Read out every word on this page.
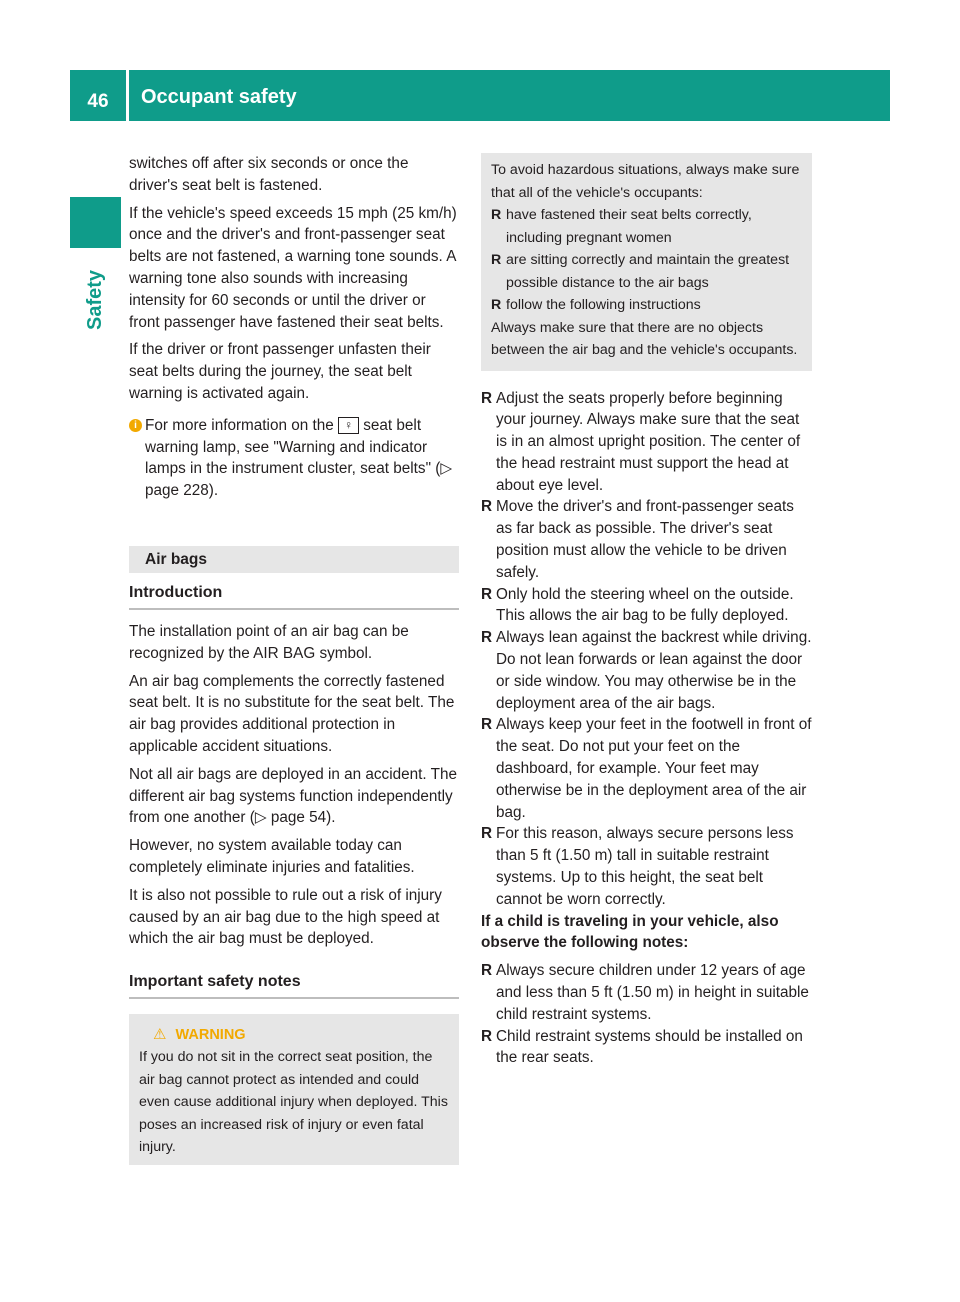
46	Occupant safety
Safety

switches off after six seconds or once the driver's seat belt is fastened.

If the vehicle's speed exceeds 15 mph (25 km/h) once and the driver's and front-passenger seat belts are not fastened, a warning tone sounds. A warning tone also sounds with increasing intensity for 60 seconds or until the driver or front passenger have fastened their seat belts.

If the driver or front passenger unfasten their seat belts during the journey, the seat belt warning is activated again.

i For more information on the ♀︎ seat belt warning lamp, see "Warning and indicator lamps in the instrument cluster, seat belts" (▷ page 228).

Air bags
Introduction

The installation point of an air bag can be recognized by the AIR BAG symbol.

An air bag complements the correctly fastened seat belt. It is no substitute for the seat belt. The air bag provides additional protection in applicable accident situations.

Not all air bags are deployed in an accident. The different air bag systems function independently from one another (▷ page 54).

However, no system available today can completely eliminate injuries and fatalities.

It is also not possible to rule out a risk of injury caused by an air bag due to the high speed at which the air bag must be deployed.

Important safety notes
⚠︎ WARNING

If you do not sit in the correct seat position, the air bag cannot protect as intended and could even cause additional injury when deployed. This poses an increased risk of injury or even fatal injury.

To avoid hazardous situations, always make sure that all of the vehicle's occupants:

R have fastened their seat belts correctly, including pregnant women
R are sitting correctly and maintain the greatest possible distance to the air bags
R follow the following instructions

Always make sure that there are no objects between the air bag and the vehicle's occupants.

R Adjust the seats properly before beginning your journey. Always make sure that the seat is in an almost upright position. The center of the head restraint must support the head at about eye level.
R Move the driver's and front-passenger seats as far back as possible. The driver's seat position must allow the vehicle to be driven safely.
R Only hold the steering wheel on the outside. This allows the air bag to be fully deployed.
R Always lean against the backrest while driving. Do not lean forwards or lean against the door or side window. You may otherwise be in the deployment area of the air bags.
R Always keep your feet in the footwell in front of the seat. Do not put your feet on the dashboard, for example. Your feet may otherwise be in the deployment area of the air bag.
R For this reason, always secure persons less than 5 ft (1.50 m) tall in suitable restraint systems. Up to this height, the seat belt cannot be worn correctly.

If a child is traveling in your vehicle, also observe the following notes:

R Always secure children under 12 years of age and less than 5 ft (1.50 m) in height in suitable child restraint systems.
R Child restraint systems should be installed on the rear seats.
